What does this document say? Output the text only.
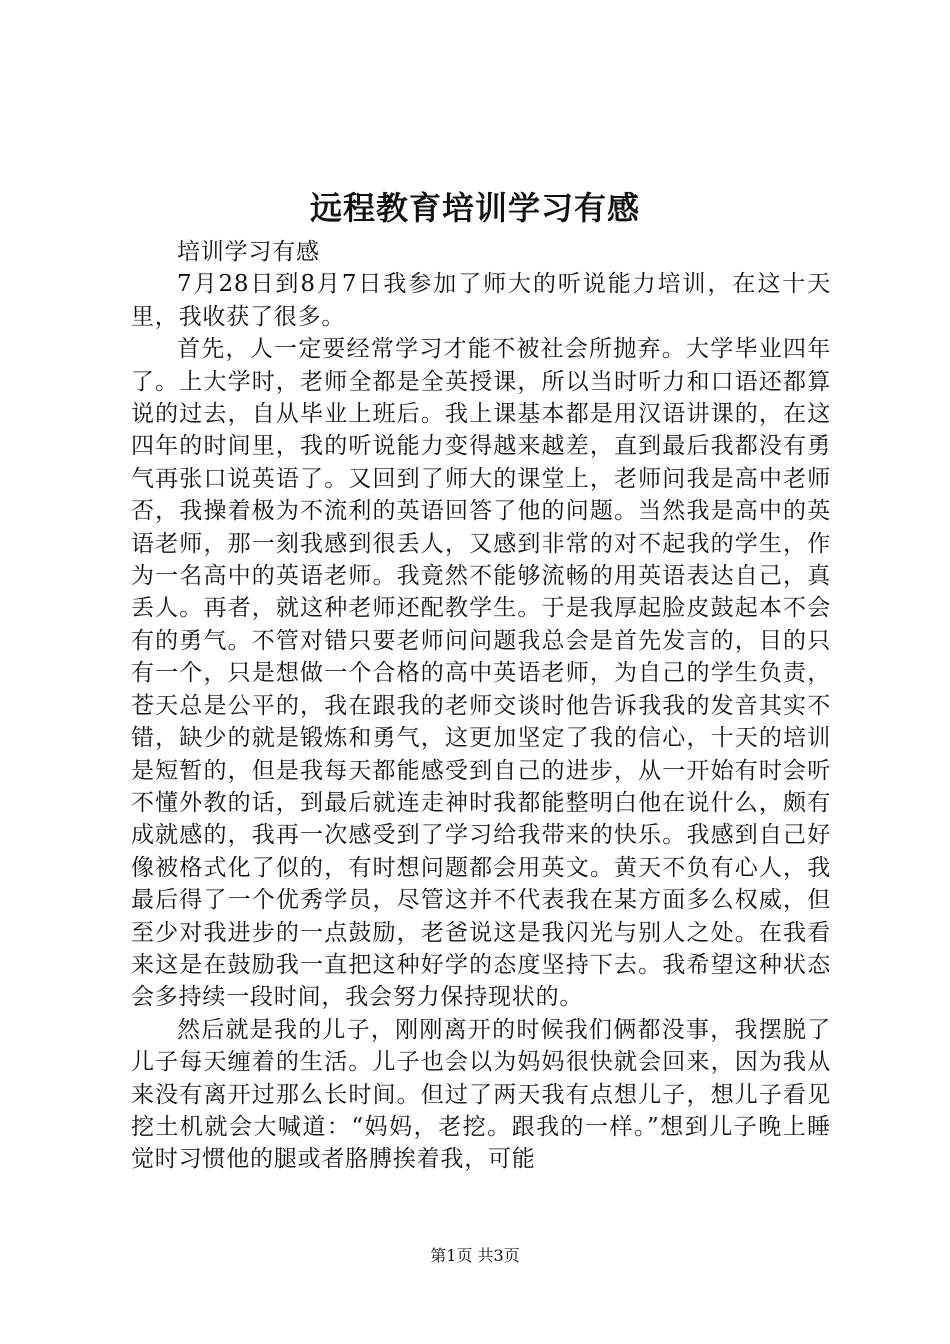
远程教育培训学习有感

培训学习有感

7月28日到8月7日我参加了师大的听说能力培训，在这十天里，我收获了很多。

首先，人一定要经常学习才能不被社会所抛弃。大学毕业四年了。上大学时，老师全都是全英授课，所以当时听力和口语还都算说的过去，自从毕业上班后。我上课基本都是用汉语讲课的，在这四年的时间里，我的听说能力变得越来越差，直到最后我都没有勇气再张口说英语了。又回到了师大的课堂上，老师问我是高中老师否，我操着极为不流利的英语回答了他的问题。当然我是高中的英语老师，那一刻我感到很丢人，又感到非常的对不起我的学生，作为一名高中的英语老师。我竟然不能够流畅的用英语表达自己，真丢人。再者，就这种老师还配教学生。于是我厚起脸皮鼓起本不会有的勇气。不管对错只要老师问问题我总会是首先发言的，目的只有一个，只是想做一个合格的高中英语老师，为自己的学生负责，苍天总是公平的，我在跟我的老师交谈时他告诉我我的发音其实不错，缺少的就是锻炼和勇气，这更加坚定了我的信心，十天的培训是短暂的，但是我每天都能感受到自己的进步，从一开始有时会听不懂外教的话，到最后就连走神时我都能整明白他在说什么，颇有成就感的，我再一次感受到了学习给我带来的快乐。我感到自己好像被格式化了似的，有时想问题都会用英文。黄天不负有心人，我最后得了一个优秀学员，尽管这并不代表我在某方面多么权威，但至少对我进步的一点鼓励，老爸说这是我闪光与别人之处。在我看来这是在鼓励我一直把这种好学的态度坚持下去。我希望这种状态会多持续一段时间，我会努力保持现状的。

然后就是我的儿子，刚刚离开的时候我们俩都没事，我摆脱了儿子每天缠着的生活。儿子也会以为妈妈很快就会回来，因为我从来没有离开过那么长时间。但过了两天我有点想儿子，想儿子看见挖土机就会大喊道：“妈妈，老挖。跟我的一样。”想到儿子晚上睡觉时习惯他的腿或者胳膊挨着我，可能

第1页 共3页
